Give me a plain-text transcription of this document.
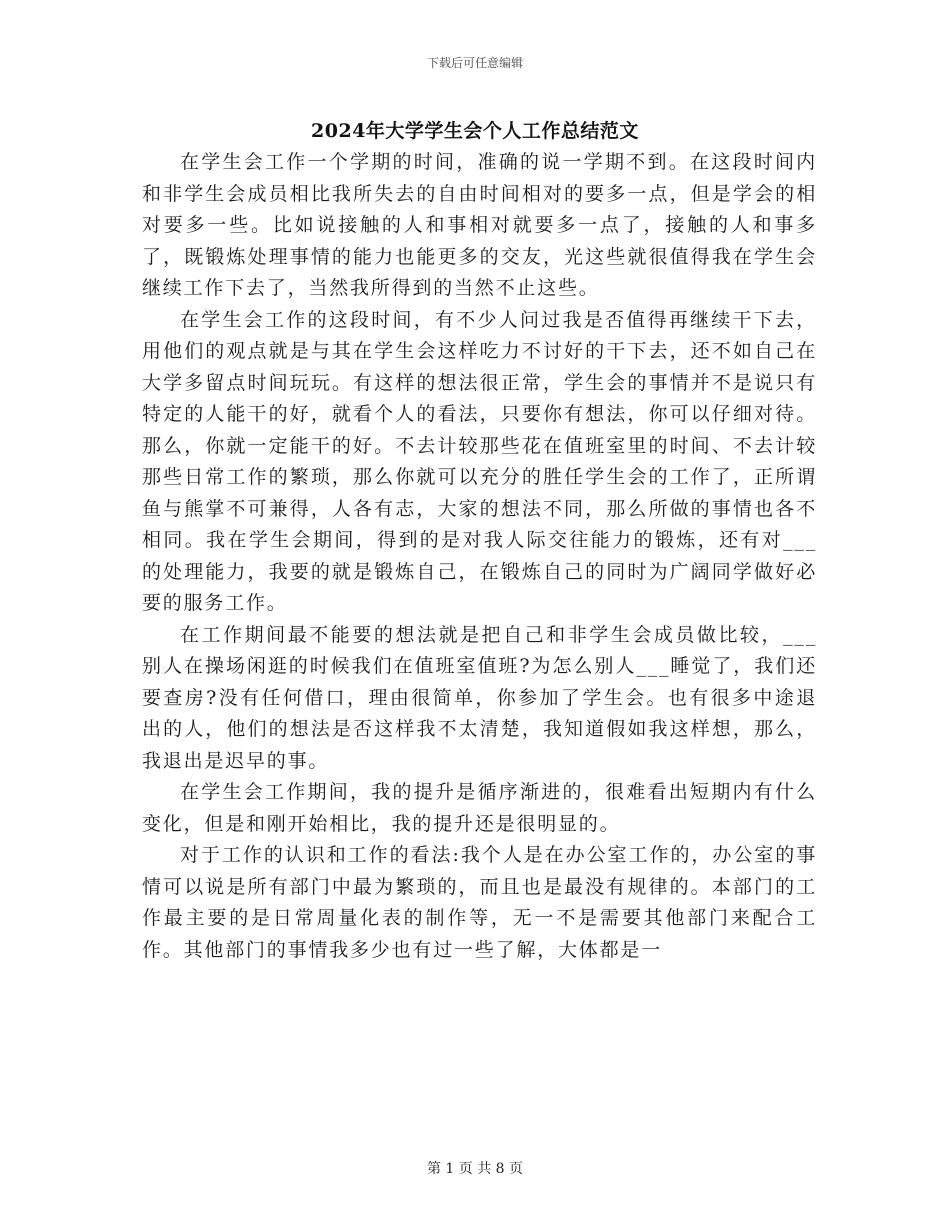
下载后可任意编辑
2024年大学学生会个人工作总结范文

在学生会工作一个学期的时间，准确的说一学期不到。在这段时间内和非学生会成员相比我所失去的自由时间相对的要多一点，但是学会的相对要多一些。比如说接触的人和事相对就要多一点了，接触的人和事多了，既锻炼处理事情的能力也能更多的交友，光这些就很值得我在学生会继续工作下去了，当然我所得到的当然不止这些。

在学生会工作的这段时间，有不少人问过我是否值得再继续干下去，用他们的观点就是与其在学生会这样吃力不讨好的干下去，还不如自己在大学多留点时间玩玩。有这样的想法很正常，学生会的事情并不是说只有特定的人能干的好，就看个人的看法，只要你有想法，你可以仔细对待。那么，你就一定能干的好。不去计较那些花在值班室里的时间、不去计较那些日常工作的繁琐，那么你就可以充分的胜任学生会的工作了，正所谓鱼与熊掌不可兼得，人各有志，大家的想法不同，那么所做的事情也各不相同。我在学生会期间，得到的是对我人际交往能力的锻炼，还有对___的处理能力，我要的就是锻炼自己，在锻炼自己的同时为广阔同学做好必要的服务工作。

在工作期间最不能要的想法就是把自己和非学生会成员做比较，___别人在操场闲逛的时候我们在值班室值班?为怎么别人___睡觉了，我们还要查房?没有任何借口，理由很简单，你参加了学生会。也有很多中途退出的人，他们的想法是否这样我不太清楚，我知道假如我这样想，那么，我退出是迟早的事。

在学生会工作期间，我的提升是循序渐进的，很难看出短期内有什么变化，但是和刚开始相比，我的提升还是很明显的。

对于工作的认识和工作的看法:我个人是在办公室工作的，办公室的事情可以说是所有部门中最为繁琐的，而且也是最没有规律的。本部门的工作最主要的是日常周量化表的制作等，无一不是需要其他部门来配合工作。其他部门的事情我多少也有过一些了解，大体都是一

第 1 页 共 8 页
